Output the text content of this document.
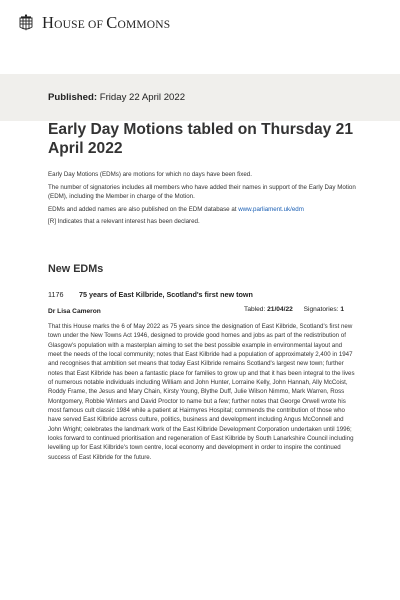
HOUSE OF COMMONS
Published: Friday 22 April 2022
Early Day Motions tabled on Thursday 21 April 2022

Early Day Motions (EDMs) are motions for which no days have been fixed.

The number of signatories includes all members who have added their names in support of the Early Day Motion (EDM), including the Member in charge of the Motion.

EDMs and added names are also published on the EDM database at www.parliament.uk/edm

[R] Indicates that a relevant interest has been declared.

New EDMs
1176 75 years of East Kilbride, Scotland's first new town
Dr Lisa Cameron	Tabled: 21/04/22 Signatories: 1
That this House marks the 6 of May 2022 as 75 years since the designation of East Kilbride, Scotland's first new town under the New Towns Act 1946, designed to provide good homes and jobs as part of the redistribution of Glasgow's population with a masterplan aiming to set the best possible example in environmental layout and meet the needs of the local community; notes that East Kilbride had a population of approximately 2,400 in 1947 and recognises that ambition set means that today East Kilbride remains Scotland's largest new town; further notes that East Kilbride has been a fantastic place for families to grow up and that it has been integral to the lives of numerous notable individuals including William and John Hunter, Lorraine Kelly, John Hannah, Ally McCoist, Roddy Frame, the Jesus and Mary Chain, Kirsty Young, Blythe Duff, Julie Wilson Nimmo, Mark Warren, Ross Montgomery, Robbie Winters and David Proctor to name but a few; further notes that George Orwell wrote his most famous cult classic 1984 while a patient at Hairmyres Hospital; commends the contribution of those who have served East Kilbride across culture, politics, business and development including Angus McConnell and John Wright; celebrates the landmark work of the East Kilbride Development Corporation undertaken until 1996; looks forward to continued prioritisation and regeneration of East Kilbride by South Lanarkshire Council including levelling up for East Kilbride's town centre, local economy and development in order to inspire the continued success of East Kilbride for the future.
